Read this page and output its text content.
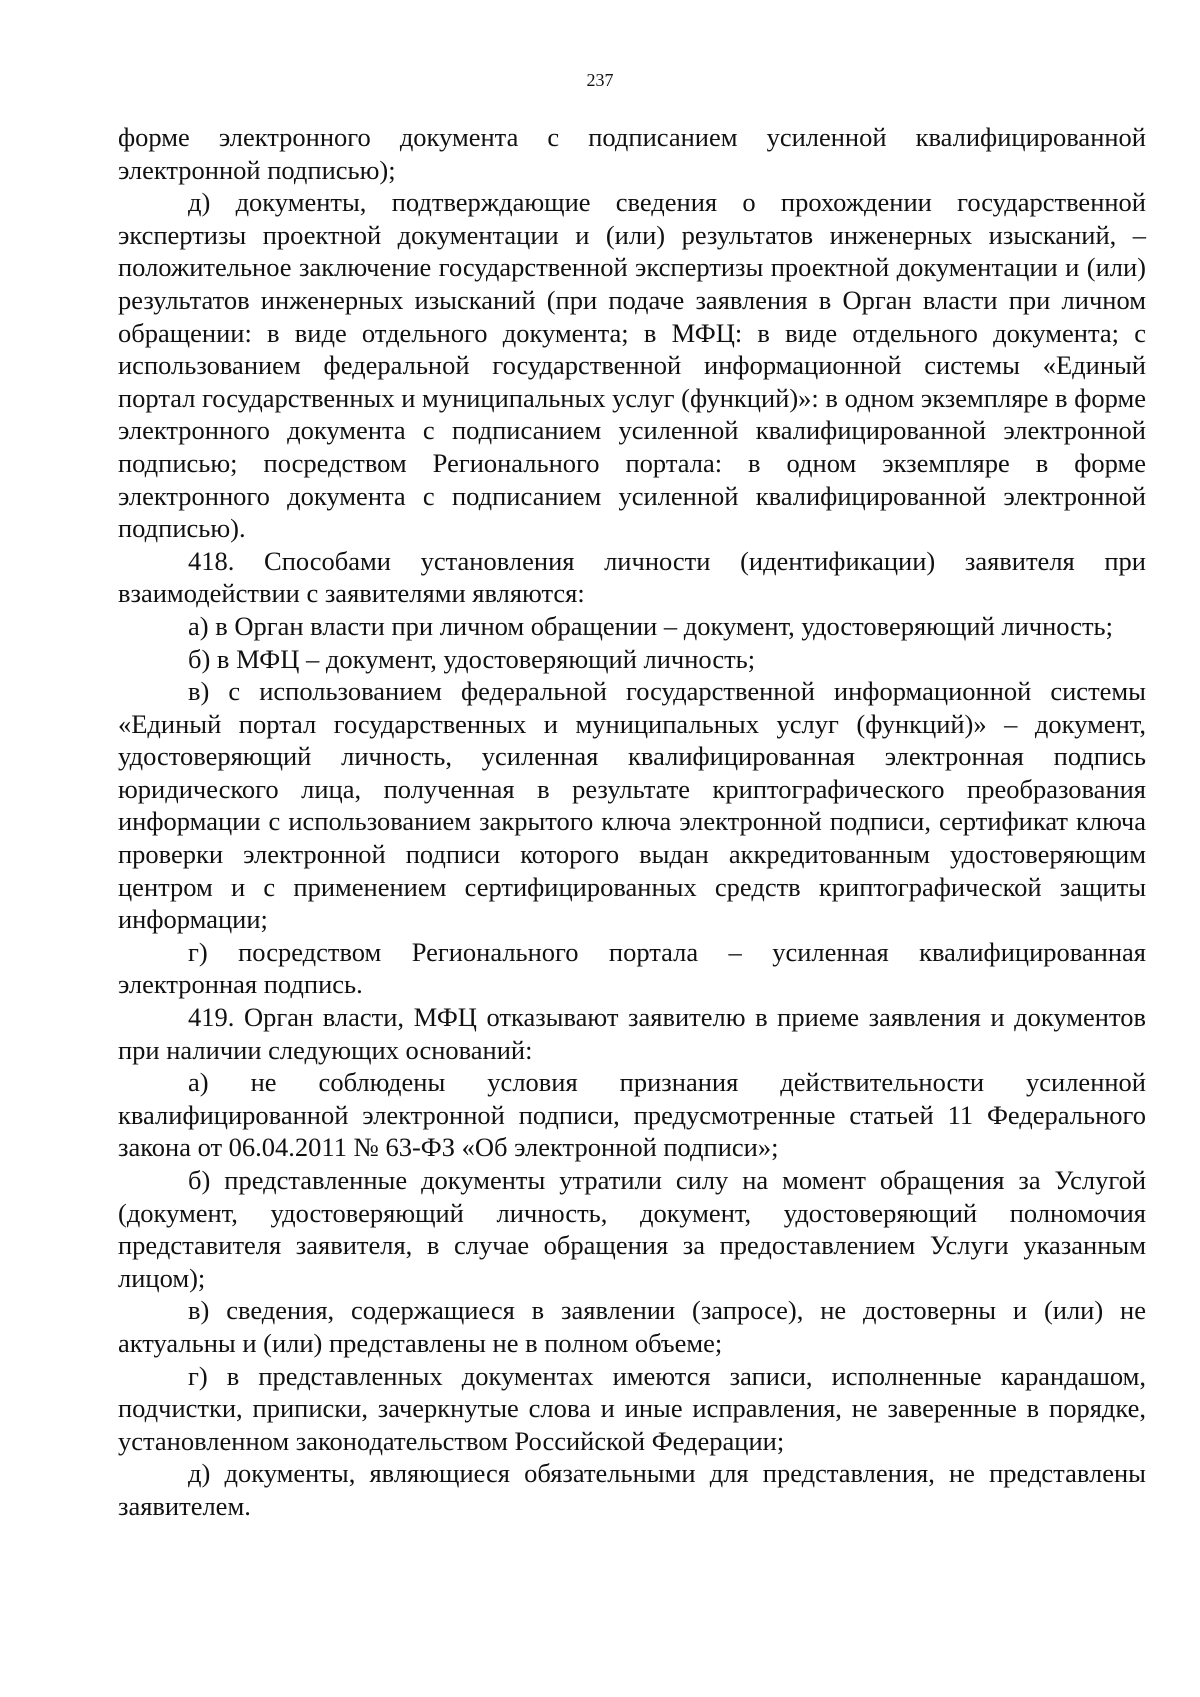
237

форме электронного документа с подписанием усиленной квалифицированной электронной подписью);

д) документы, подтверждающие сведения о прохождении государственной экспертизы проектной документации и (или) результатов инженерных изысканий, – положительное заключение государственной экспертизы проектной документации и (или) результатов инженерных изысканий (при подаче заявления в Орган власти при личном обращении: в виде отдельного документа; в МФЦ: в виде отдельного документа; с использованием федеральной государственной информационной системы «Единый портал государственных и муниципальных услуг (функций)»: в одном экземпляре в форме электронного документа с подписанием усиленной квалифицированной электронной подписью; посредством Регионального портала: в одном экземпляре в форме электронного документа с подписанием усиленной квалифицированной электронной подписью).

418. Способами установления личности (идентификации) заявителя при взаимодействии с заявителями являются:

а) в Орган власти при личном обращении – документ, удостоверяющий личность;

б) в МФЦ – документ, удостоверяющий личность;

в) с использованием федеральной государственной информационной системы «Единый портал государственных и муниципальных услуг (функций)» – документ, удостоверяющий личность, усиленная квалифицированная электронная подпись юридического лица, полученная в результате криптографического преобразования информации с использованием закрытого ключа электронной подписи, сертификат ключа проверки электронной подписи которого выдан аккредитованным удостоверяющим центром и с применением сертифицированных средств криптографической защиты информации;

г) посредством Регионального портала – усиленная квалифицированная электронная подпись.

419. Орган власти, МФЦ отказывают заявителю в приеме заявления и документов при наличии следующих оснований:

а) не соблюдены условия признания действительности усиленной квалифицированной электронной подписи, предусмотренные статьей 11 Федерального закона от 06.04.2011 № 63-ФЗ «Об электронной подписи»;

б) представленные документы утратили силу на момент обращения за Услугой (документ, удостоверяющий личность, документ, удостоверяющий полномочия представителя заявителя, в случае обращения за предоставлением Услуги указанным лицом);

в) сведения, содержащиеся в заявлении (запросе), не достоверны и (или) не актуальны и (или) представлены не в полном объеме;

г) в представленных документах имеются записи, исполненные карандашом, подчистки, приписки, зачеркнутые слова и иные исправления, не заверенные в порядке, установленном законодательством Российской Федерации;

д) документы, являющиеся обязательными для представления, не представлены заявителем.
